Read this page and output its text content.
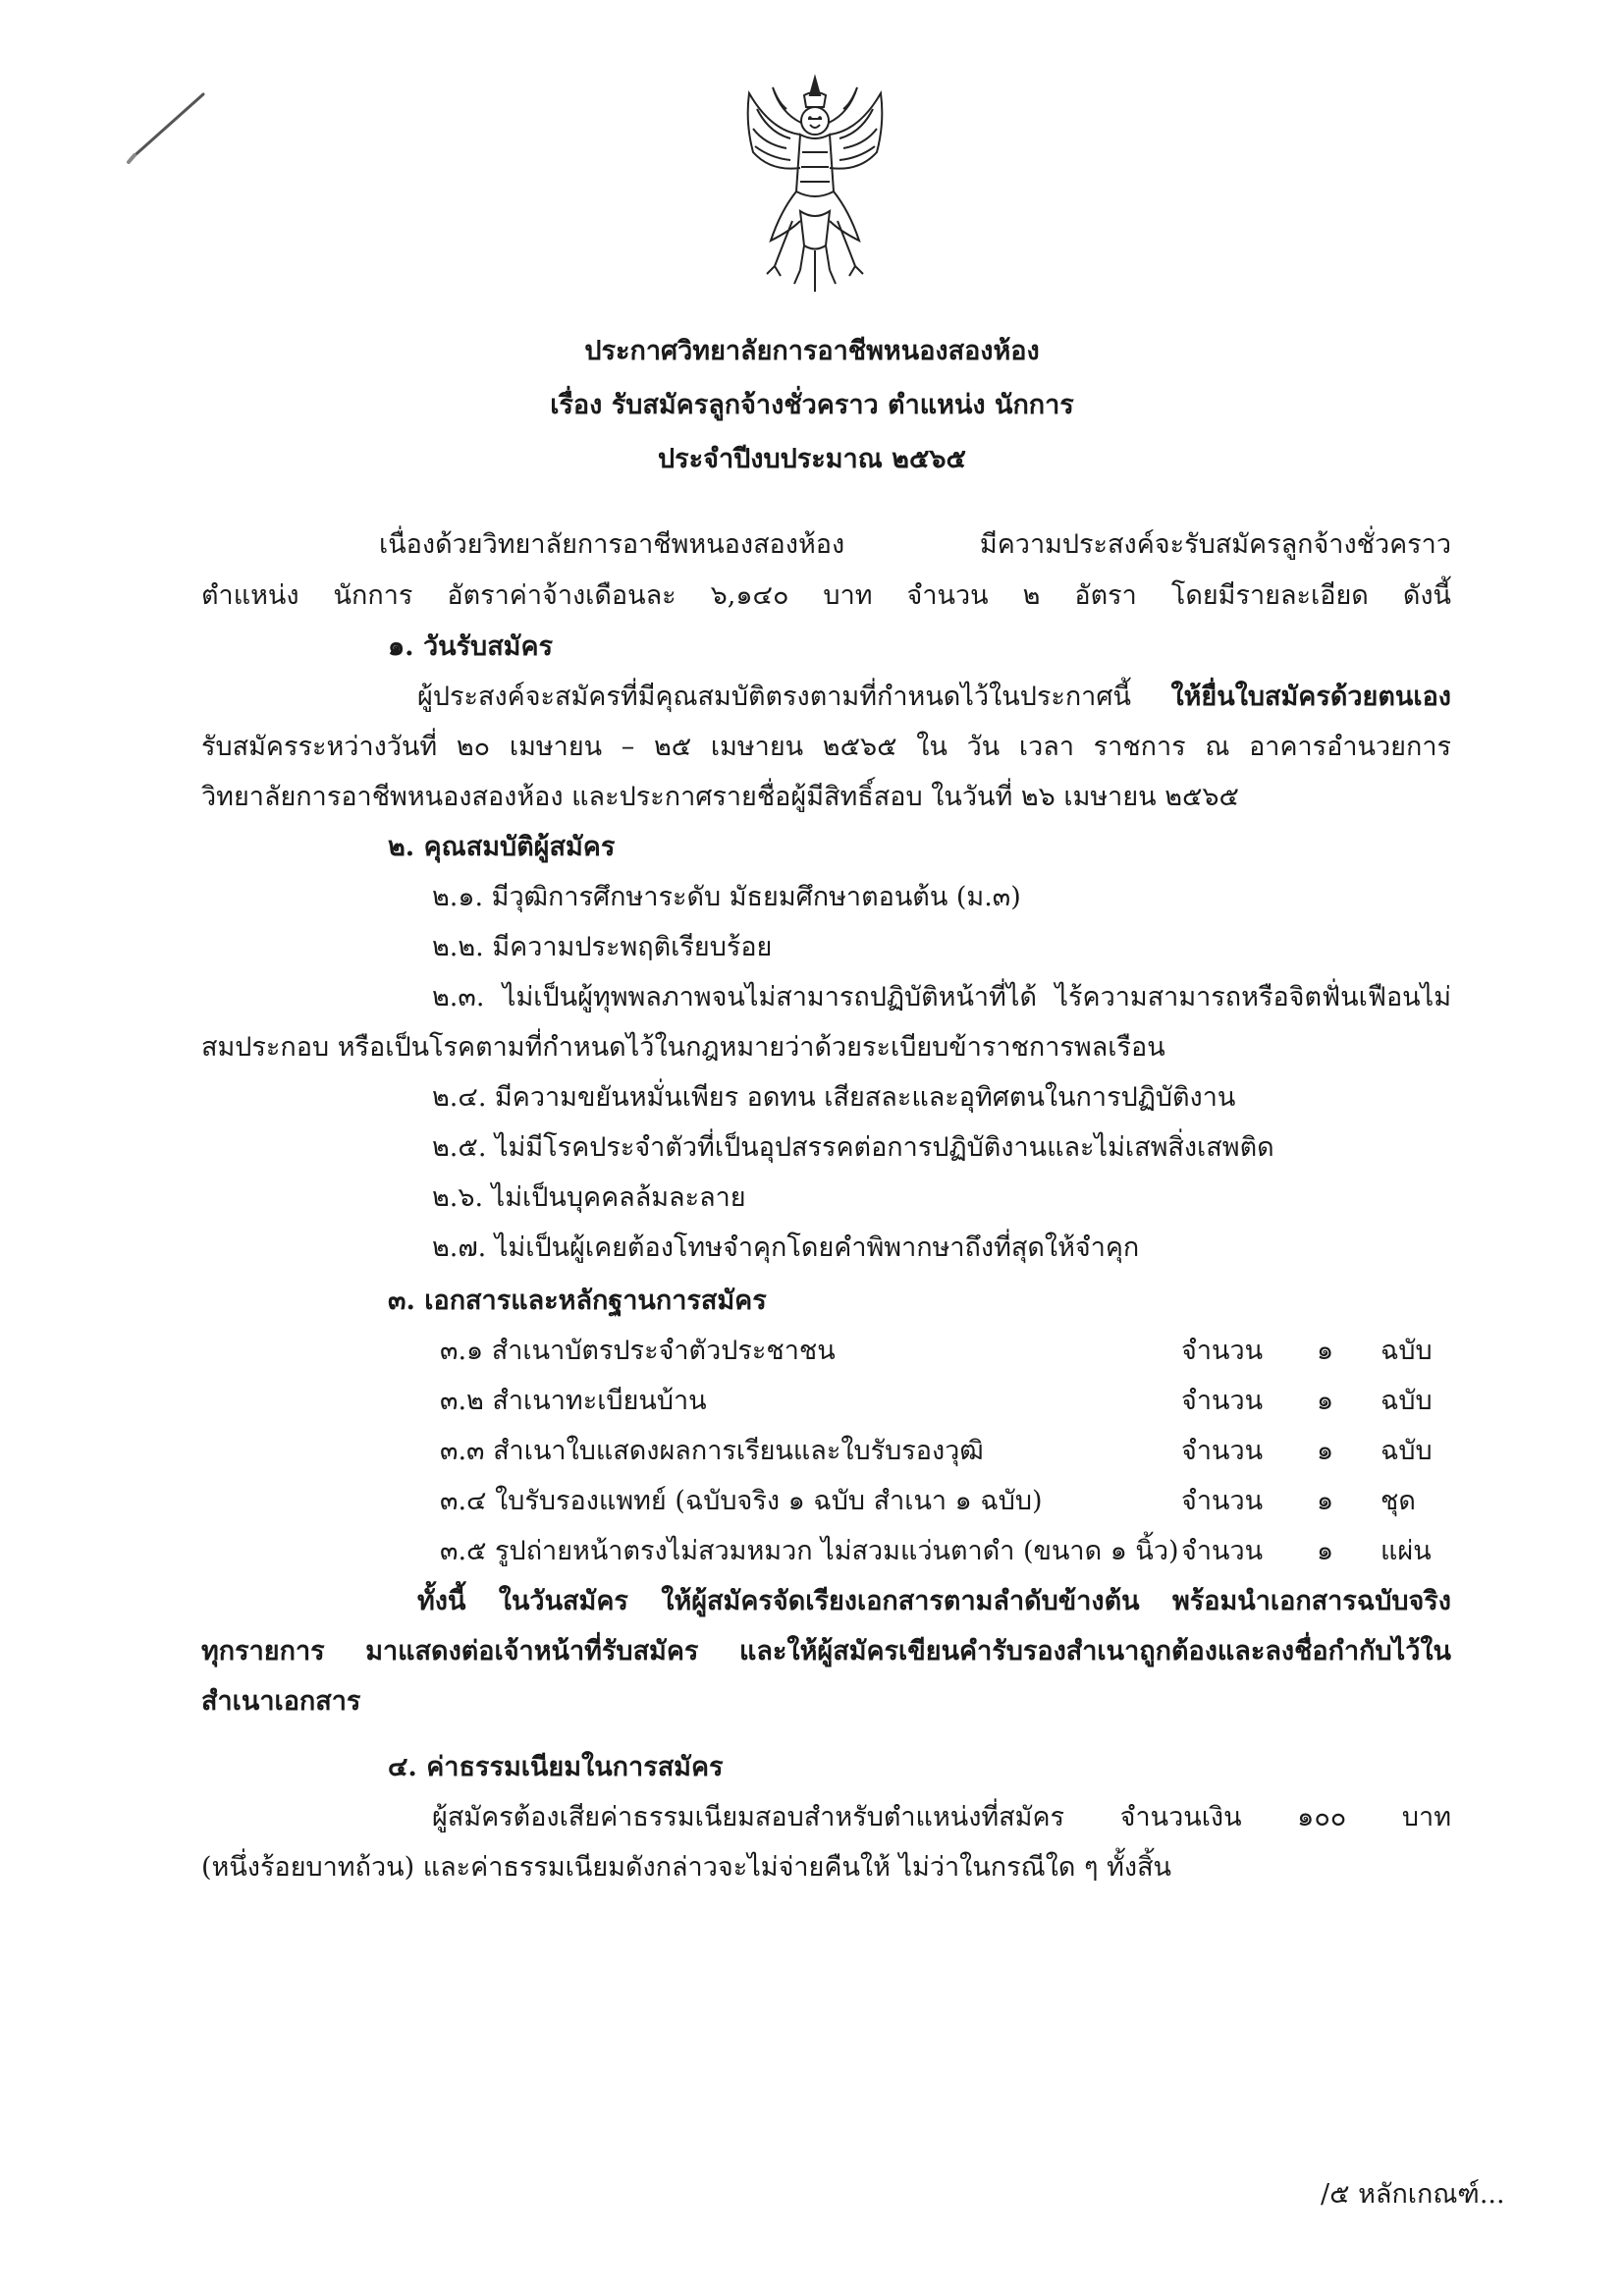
ประกาศวิทยาลัยการอาชีพหนองสองห้อง
เรื่อง รับสมัครลูกจ้างชั่วคราว ตำแหน่ง นักการ
ประจำปีงบประมาณ ๒๕๖๕
เนื่องด้วยวิทยาลัยการอาชีพหนองสองห้อง มีความประสงค์จะรับสมัครลูกจ้างชั่วคราว
ตำแหน่ง นักการ อัตราค่าจ้างเดือนละ ๖,๑๔๐ บาท จำนวน ๒ อัตรา โดยมีรายละเอียด ดังนี้
๑. วันรับสมัคร
ผู้ประสงค์จะสมัครที่มีคุณสมบัติตรงตามที่กำหนดไว้ในประกาศนี้ ให้ยื่นใบสมัครด้วยตนเอง
รับสมัครระหว่างวันที่ ๒๐ เมษายน – ๒๕ เมษายน ๒๕๖๕ ใน วัน เวลา ราชการ ณ อาคารอำนวยการ
วิทยาลัยการอาชีพหนองสองห้อง และประกาศรายชื่อผู้มีสิทธิ์สอบ ในวันที่ ๒๖ เมษายน ๒๕๖๕
๒. คุณสมบัติผู้สมัคร
๒.๑. มีวุฒิการศึกษาระดับ มัธยมศึกษาตอนต้น (ม.๓)
๒.๒. มีความประพฤติเรียบร้อย
๒.๓. ไม่เป็นผู้ทุพพลภาพจนไม่สามารถปฏิบัติหน้าที่ได้ ไร้ความสามารถหรือจิตฟั่นเฟือนไม่
สมประกอบ หรือเป็นโรคตามที่กำหนดไว้ในกฎหมายว่าด้วยระเบียบข้าราชการพลเรือน
๒.๔. มีความขยันหมั่นเพียร อดทน เสียสละและอุทิศตนในการปฏิบัติงาน
๒.๕. ไม่มีโรคประจำตัวที่เป็นอุปสรรคต่อการปฏิบัติงานและไม่เสพสิ่งเสพติด
๒.๖. ไม่เป็นบุคคลล้มละลาย
๒.๗. ไม่เป็นผู้เคยต้องโทษจำคุกโดยคำพิพากษาถึงที่สุดให้จำคุก
๓. เอกสารและหลักฐานการสมัคร
๓.๑ สำเนาบัตรประจำตัวประชาชน	จำนวน ๑ ฉบับ
๓.๒ สำเนาทะเบียนบ้าน	จำนวน ๑ ฉบับ
๓.๓ สำเนาใบแสดงผลการเรียนและใบรับรองวุฒิ	จำนวน ๑ ฉบับ
๓.๔ ใบรับรองแพทย์ (ฉบับจริง ๑ ฉบับ สำเนา ๑ ฉบับ)	จำนวน ๑ ชุด
๓.๕ รูปถ่ายหน้าตรงไม่สวมหมวก ไม่สวมแว่นตาดำ (ขนาด ๑ นิ้ว) จำนวน ๑ แผ่น
ทั้งนี้ ในวันสมัคร ให้ผู้สมัครจัดเรียงเอกสารตามลำดับข้างต้น พร้อมนำเอกสารฉบับจริง
ทุกรายการ มาแสดงต่อเจ้าหน้าที่รับสมัคร และให้ผู้สมัครเขียนคำรับรองสำเนาถูกต้องและลงชื่อกำกับไว้ใน
สำเนาเอกสาร
๔. ค่าธรรมเนียมในการสมัคร
ผู้สมัครต้องเสียค่าธรรมเนียมสอบสำหรับตำแหน่งที่สมัคร จำนวนเงิน ๑๐๐ บาท
(หนึ่งร้อยบาทถ้วน) และค่าธรรมเนียมดังกล่าวจะไม่จ่ายคืนให้ ไม่ว่าในกรณีใด ๆ ทั้งสิ้น
/๕ หลักเกณฑ์...
